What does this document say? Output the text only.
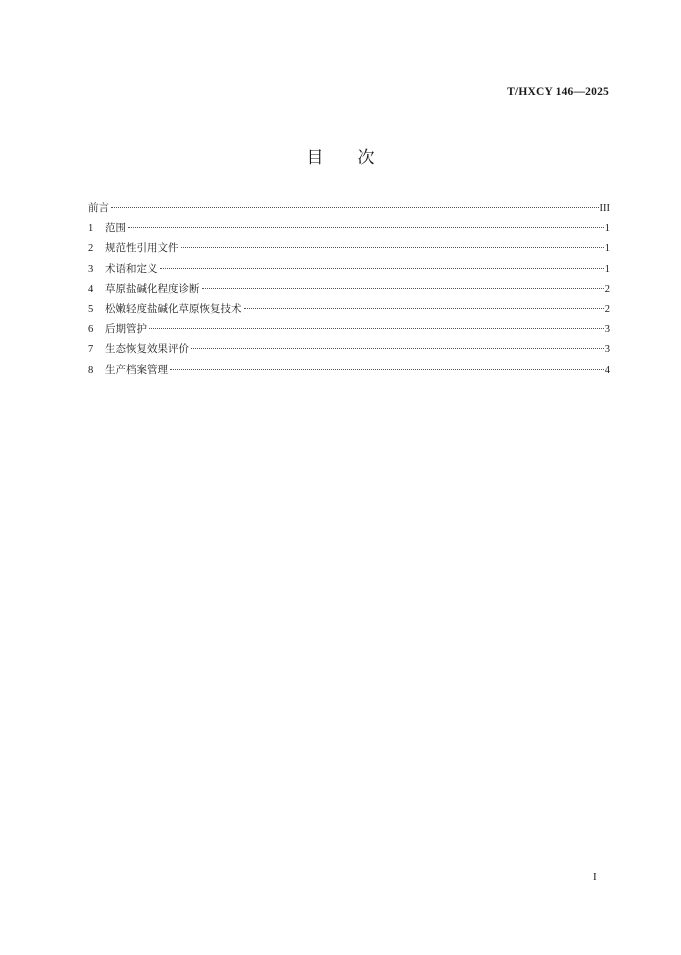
T/HXCY 146—2025
目 次
前言	III
1	范围	1
2	规范性引用文件	1
3	术语和定义	1
4	草原盐碱化程度诊断	2
5	松嫩轻度盐碱化草原恢复技术	2
6	后期管护	3
7	生态恢复效果评价	3
8	生产档案管理	4
I
